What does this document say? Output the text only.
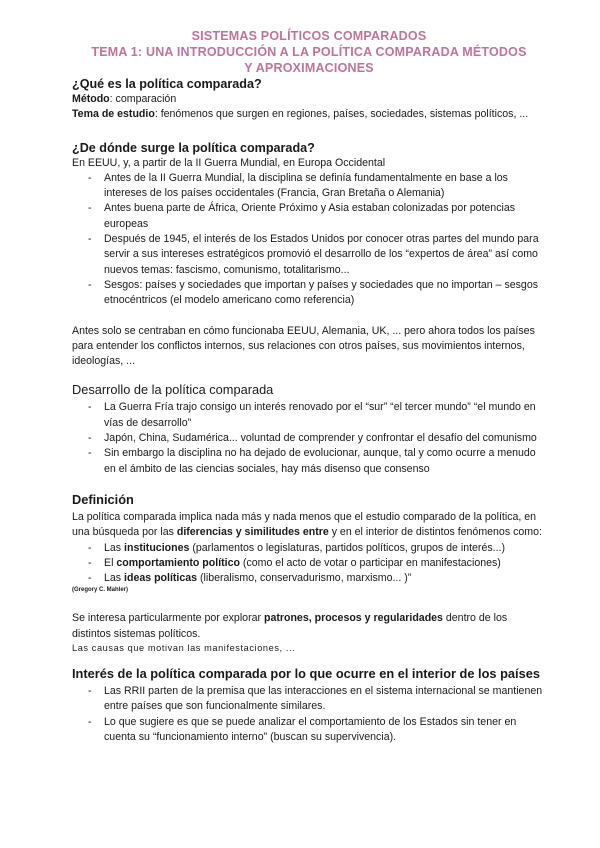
SISTEMAS POLÍTICOS COMPARADOS
TEMA 1: UNA INTRODUCCIÓN A LA POLÍTICA COMPARADA MÉTODOS Y APROXIMACIONES
¿Qué es la política comparada?

Método: comparación

Tema de estudio: fenómenos que surgen en regiones, países, sociedades, sistemas políticos, ...

¿De dónde surge la política comparada?

En EEUU, y, a partir de la II Guerra Mundial, en Europa Occidental

- Antes de la II Guerra Mundial, la disciplina se definía fundamentalmente en base a los intereses de los países occidentales (Francia, Gran Bretaña o Alemania)
- Antes buena parte de África, Oriente Próximo y Asia estaban colonizadas por potencias europeas
- Después de 1945, el interés de los Estados Unidos por conocer otras partes del mundo para servir a sus intereses estratégicos promovió el desarrollo de los “expertos de área” así como nuevos temas: fascismo, comunismo, totalitarismo...
- Sesgos: países y sociedades que importan y países y sociedades que no importan – sesgos etnocéntricos (el modelo americano como referencia)

Antes solo se centraban en cómo funcionaba EEUU, Alemania, UK, ... pero ahora todos los países para entender los conflictos internos, sus relaciones con otros países, sus movimientos internos, ideologías, ...

Desarrollo de la política comparada
- La Guerra Fría trajo consigo un interés renovado por el “sur” “el tercer mundo” “el mundo en vías de desarrollo”
- Japón, China, Sudamérica... voluntad de comprender y confrontar el desafío del comunismo
- Sin embargo la disciplina no ha dejado de evolucionar, aunque, tal y como ocurre a menudo en el ámbito de las ciencias sociales, hay más disenso que consenso
Definición

La política comparada implica nada más y nada menos que el estudio comparado de la política, en una búsqueda por las diferencias y similitudes entre y en el interior de distintos fenómenos como:

- Las instituciones (parlamentos o legislaturas, partidos políticos, grupos de interés...)
- El comportamiento político (como el acto de votar o participar en manifestaciones)
- Las ideas políticas (liberalismo, conservadurismo, marxismo... )”
(Gregory C. Mahler)

Se interesa particularmente por explorar patrones, procesos y regularidades dentro de los distintos sistemas políticos.

Las causas que motivan las manifestaciones, ...

Interés de la política comparada por lo que ocurre en el interior de los países
- Las RRII parten de la premisa que las interacciones en el sistema internacional se mantienen entre países que son funcionalmente similares.
- Lo que sugiere es que se puede analizar el comportamiento de los Estados sin tener en cuenta su “funcionamiento interno” (buscan su supervivencia).
